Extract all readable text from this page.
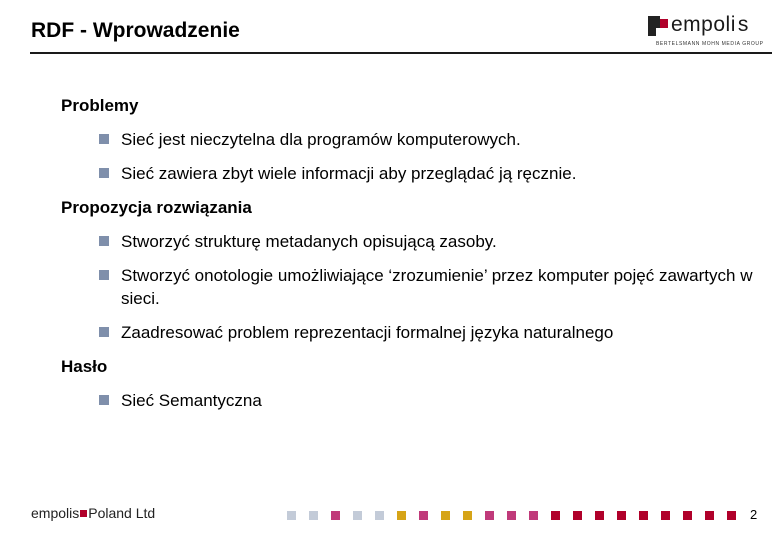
RDF - Wprowadzenie	empolis
BERTELSMANN MOHN MEDIA GROUP
Problemy
Sieć jest nieczytelna dla programów komputerowych.
Sieć zawiera zbyt wiele informacji aby przeglądać ją ręcznie.
Propozycja rozwiązania
Stworzyć strukturę metadanych opisującą zasoby.
Stworzyć onotologie umożliwiające ‘zrozumienie’ przez komputer pojęć zawartych w sieci.
Zaadresować problem reprezentacji formalnej języka naturalnego
Hasło
Sieć Semantyczna
empolis Poland Ltd	2
